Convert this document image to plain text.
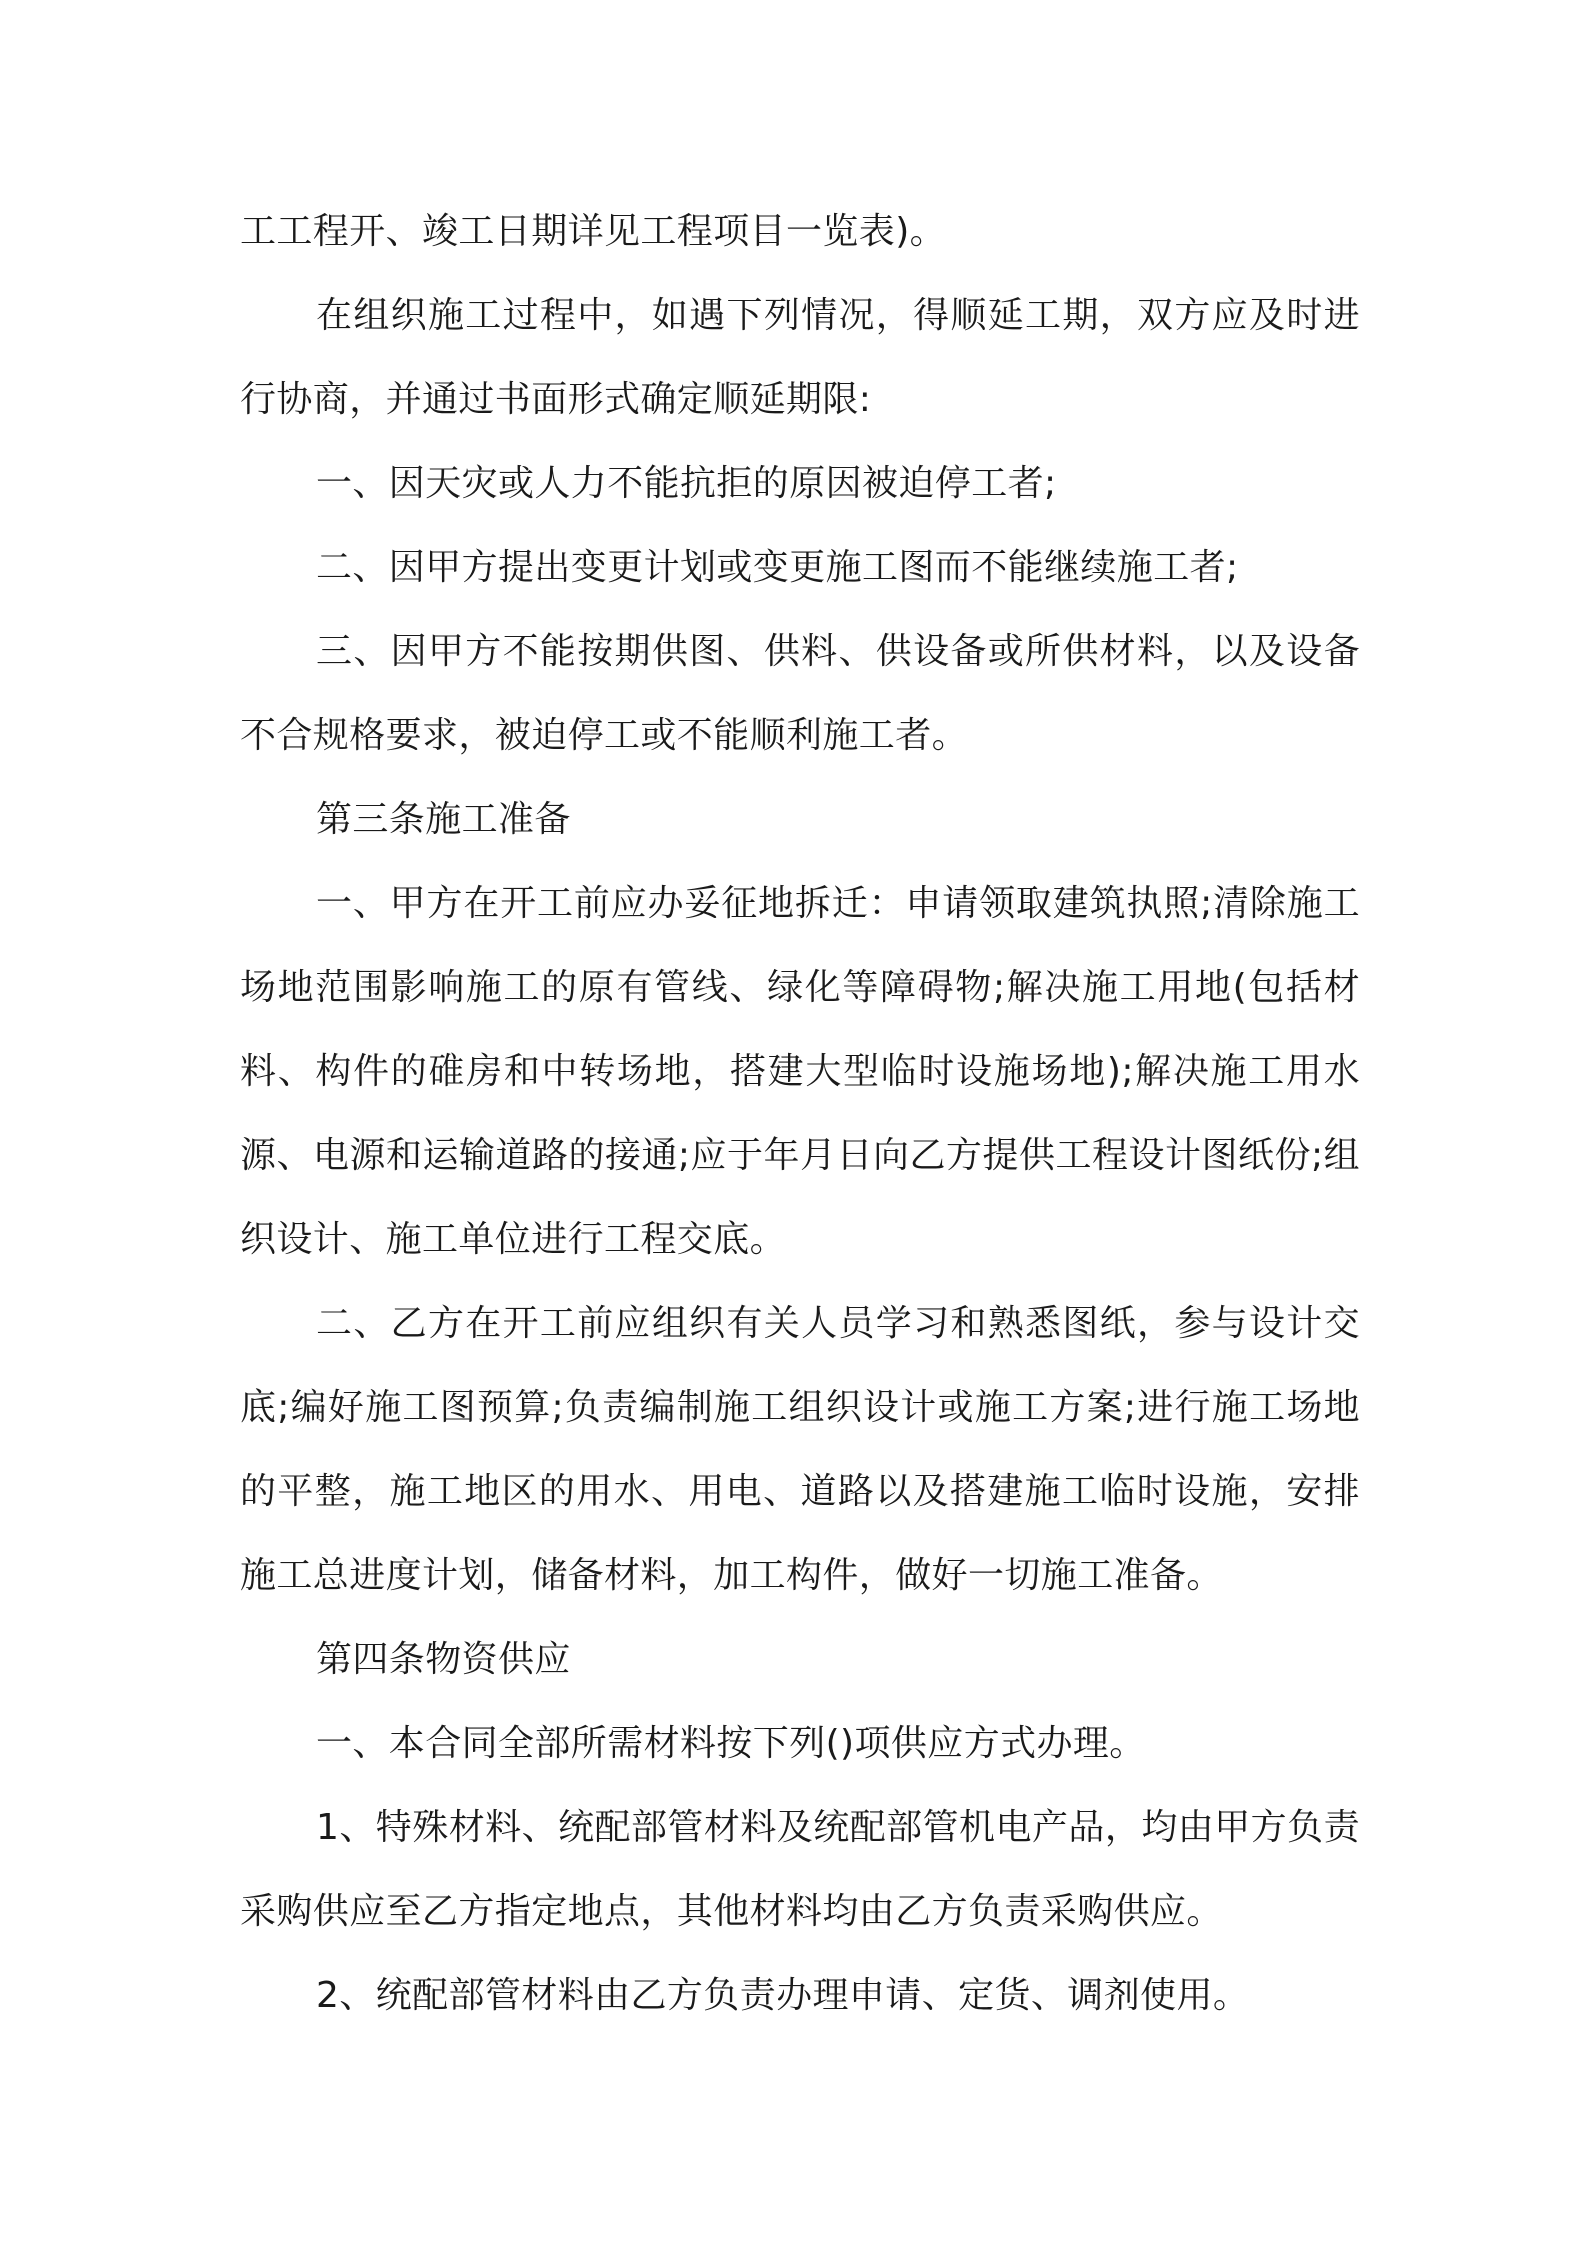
工工程开、竣工日期详见工程项目一览表)。

在组织施工过程中，如遇下列情况，得顺延工期，双方应及时进行协商，并通过书面形式确定顺延期限:

一、因天灾或人力不能抗拒的原因被迫停工者;

二、因甲方提出变更计划或变更施工图而不能继续施工者;

三、因甲方不能按期供图、供料、供设备或所供材料，以及设备不合规格要求，被迫停工或不能顺利施工者。

第三条施工准备

一、甲方在开工前应办妥征地拆迁：申请领取建筑执照;清除施工场地范围影响施工的原有管线、绿化等障碍物;解决施工用地(包括材料、构件的碓房和中转场地，搭建大型临时设施场地);解决施工用水源、电源和运输道路的接通;应于年月日向乙方提供工程设计图纸份;组织设计、施工单位进行工程交底。

二、乙方在开工前应组织有关人员学习和熟悉图纸，参与设计交底;编好施工图预算;负责编制施工组织设计或施工方案;进行施工场地的平整，施工地区的用水、用电、道路以及搭建施工临时设施，安排施工总进度计划，储备材料，加工构件，做好一切施工准备。

第四条物资供应

一、本合同全部所需材料按下列()项供应方式办理。

1、特殊材料、统配部管材料及统配部管机电产品，均由甲方负责采购供应至乙方指定地点，其他材料均由乙方负责采购供应。

2、统配部管材料由乙方负责办理申请、定货、调剂使用。
